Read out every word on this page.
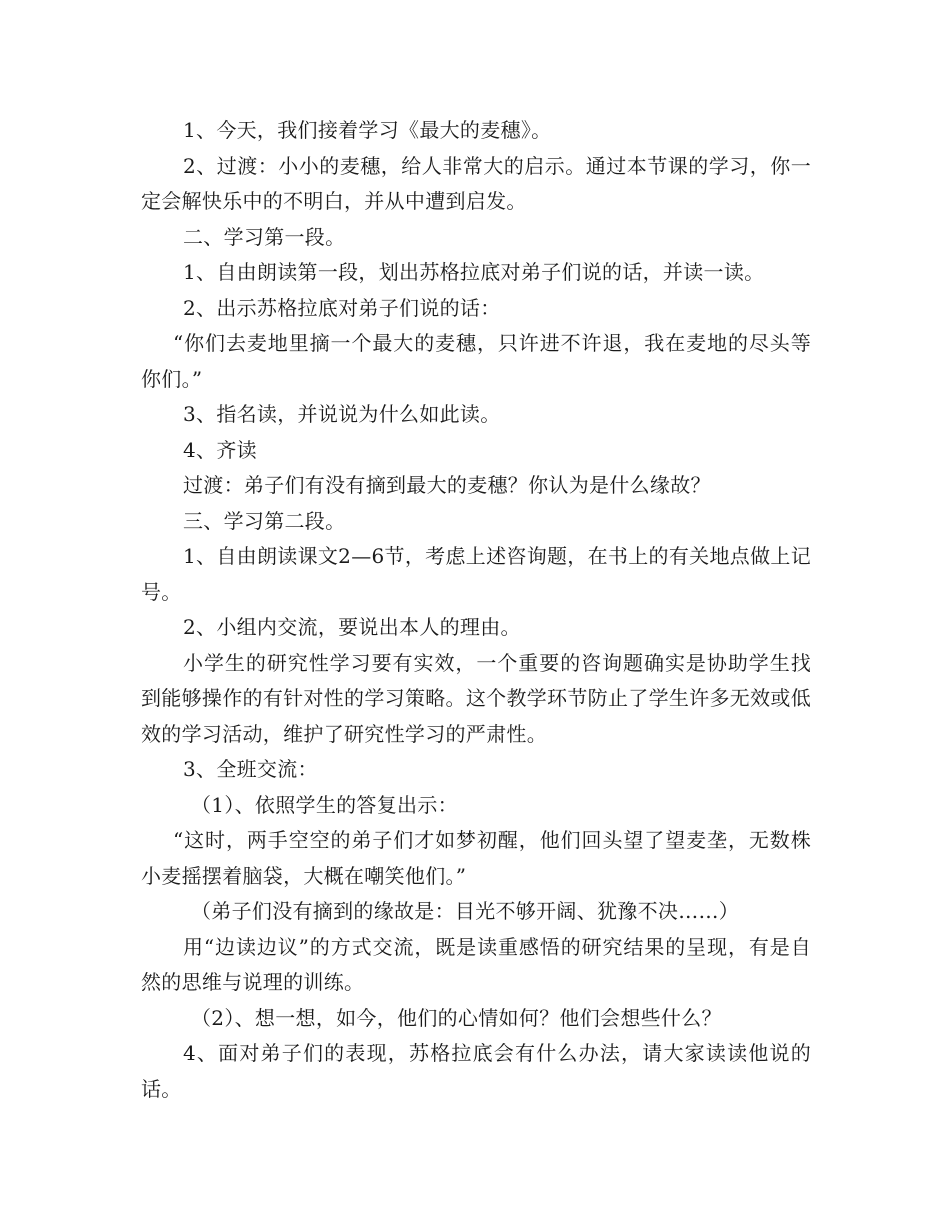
1、今天，我们接着学习《最大的麦穗》。

2、过渡：小小的麦穗，给人非常大的启示。通过本节课的学习，你一定会解快乐中的不明白，并从中遭到启发。

二、学习第一段。

1、自由朗读第一段，划出苏格拉底对弟子们说的话，并读一读。

2、出示苏格拉底对弟子们说的话：

“你们去麦地里摘一个最大的麦穗，只许进不许退，我在麦地的尽头等你们。”

3、指名读，并说说为什么如此读。

4、齐读

过渡：弟子们有没有摘到最大的麦穗？你认为是什么缘故？

三、学习第二段。

1、自由朗读课文2—6节，考虑上述咨询题，在书上的有关地点做上记号。

2、小组内交流，要说出本人的理由。

小学生的研究性学习要有实效，一个重要的咨询题确实是协助学生找到能够操作的有针对性的学习策略。这个教学环节防止了学生许多无效或低效的学习活动，维护了研究性学习的严肃性。

3、全班交流：

（1）、依照学生的答复出示：

“这时，两手空空的弟子们才如梦初醒，他们回头望了望麦垄，无数株小麦摇摆着脑袋，大概在嘲笑他们。”

（弟子们没有摘到的缘故是：目光不够开阔、犹豫不决……）

用“边读边议”的方式交流，既是读重感悟的研究结果的呈现，有是自然的思维与说理的训练。

（2）、想一想，如今，他们的心情如何？他们会想些什么？

4、面对弟子们的表现，苏格拉底会有什么办法，请大家读读他说的话。
